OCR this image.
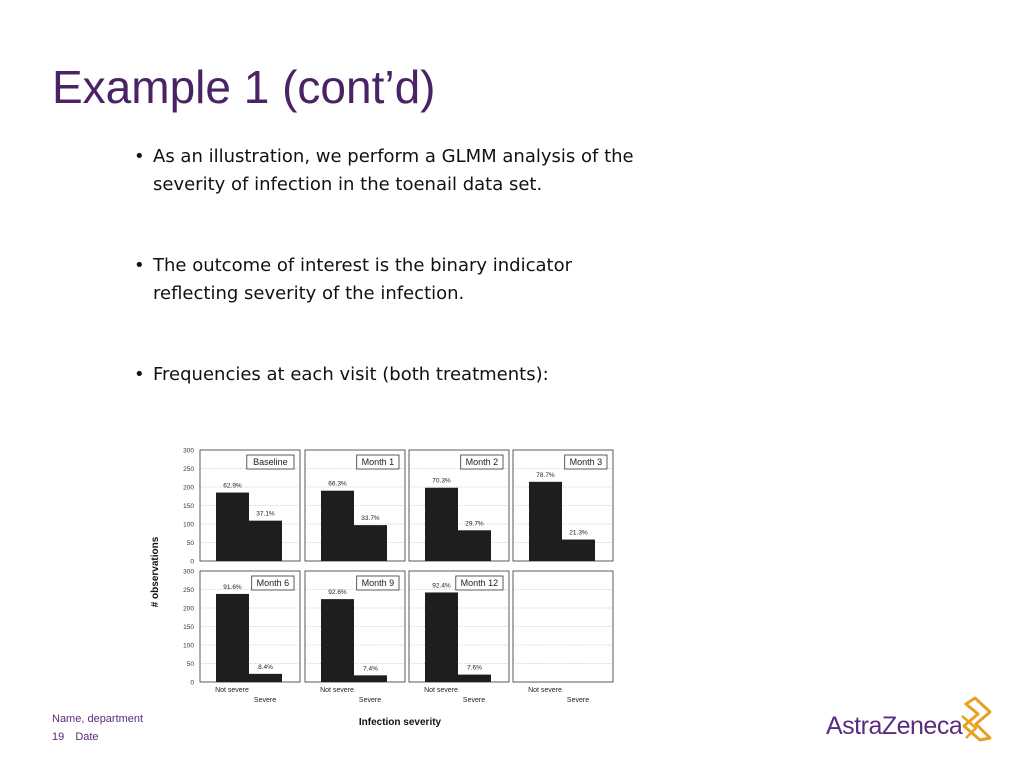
Example 1 (cont’d)
• As an illustration, we perform a GLMM analysis of the severity of infection in the toenail data set.
• The outcome of interest is the binary indicator reflecting severity of the infection.
• Frequencies at each visit (both treatments):
0
50
100
150
200
250
300
0
50
100
150
200
250
300
62.9%
37.1%
Baseline
66.3%
33.7%
Month 1
70.3%
29.7%
Month 2
78.7%
21.3%
Month 3
91.6%
8.4%
Month 6
92.6%
7.4%
Month 9	92.4%
7.6%
Month 12
Not severe
Severe
Not severe
Severe
Not severe
Severe
Not severe
Severe
Infection severity
# observations
Name, department
19 Date	AstraZeneca
